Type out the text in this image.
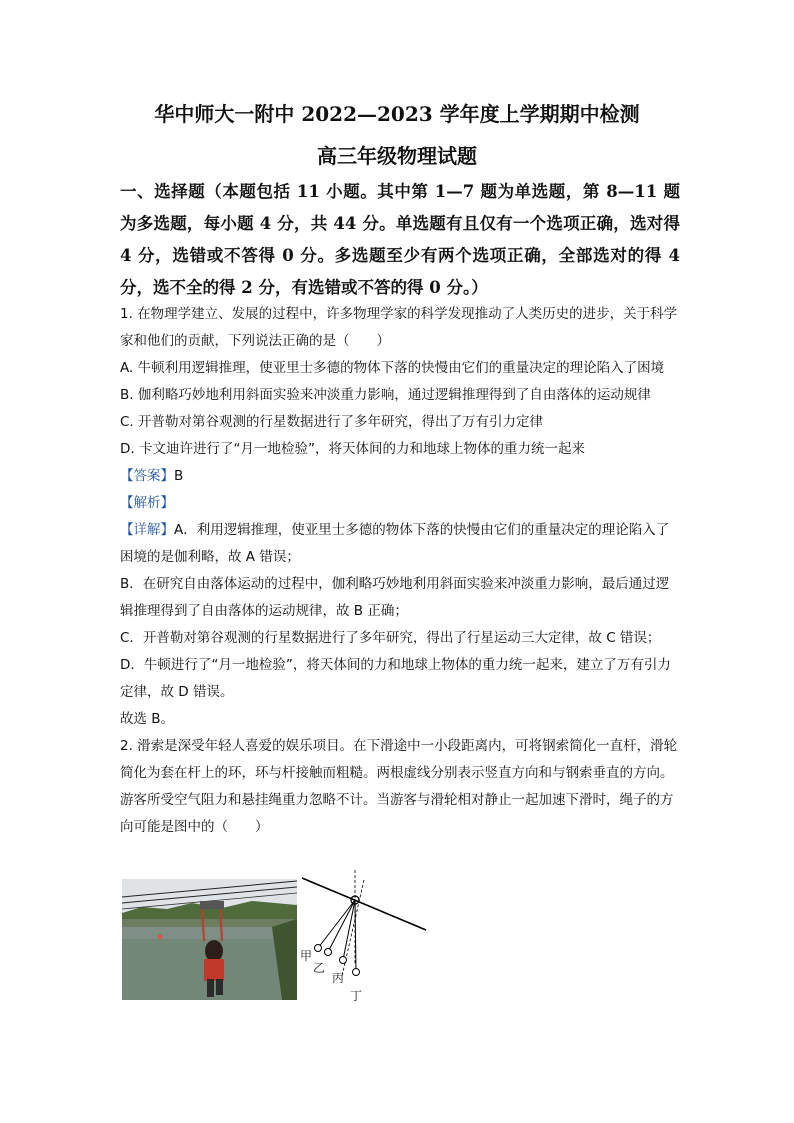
华中师大一附中 2022—2023 学年度上学期期中检测
高三年级物理试题
一、选择题（本题包括 11 小题。其中第 1—7 题为单选题，第 8—11 题为多选题，每小题 4 分，共 44 分。单选题有且仅有一个选项正确，选对得 4 分，选错或不答得 0 分。多选题至少有两个选项正确，全部选对的得 4 分，选不全的得 2 分，有选错或不答的得 0 分。）

1. 在物理学建立、发展的过程中，许多物理学家的科学发现推动了人类历史的进步，关于科学家和他们的贡献，下列说法正确的是（　　）

A. 牛顿利用逻辑推理，使亚里士多德的物体下落的快慢由它们的重量决定的理论陷入了困境

B. 伽利略巧妙地利用斜面实验来冲淡重力影响，通过逻辑推理得到了自由落体的运动规律

C. 开普勒对第谷观测的行星数据进行了多年研究，得出了万有引力定律

D. 卡文迪许进行了“月一地检验”，将天体间的力和地球上物体的重力统一起来

【答案】B

【解析】

【详解】A．利用逻辑推理，使亚里士多德的物体下落的快慢由它们的重量决定的理论陷入了困境的是伽利略，故 A 错误；

B．在研究自由落体运动的过程中，伽利略巧妙地利用斜面实验来冲淡重力影响，最后通过逻辑推理得到了自由落体的运动规律，故 B 正确；

C．开普勒对第谷观测的行星数据进行了多年研究，得出了行星运动三大定律，故 C 错误；

D．牛顿进行了“月一地检验”，将天体间的力和地球上物体的重力统一起来，建立了万有引力定律，故 D 错误。

故选 B。

2. 滑索是深受年轻人喜爱的娱乐项目。在下滑途中一小段距离内，可将钢索简化一直杆，滑轮简化为套在杆上的环，环与杆接触而粗糙。两根虚线分别表示竖直方向和与钢索垂直的方向。游客所受空气阻力和悬挂绳重力忽略不计。当游客与滑轮相对静止一起加速下滑时，绳子的方向可能是图中的（　　）

甲
乙
丙
丁
